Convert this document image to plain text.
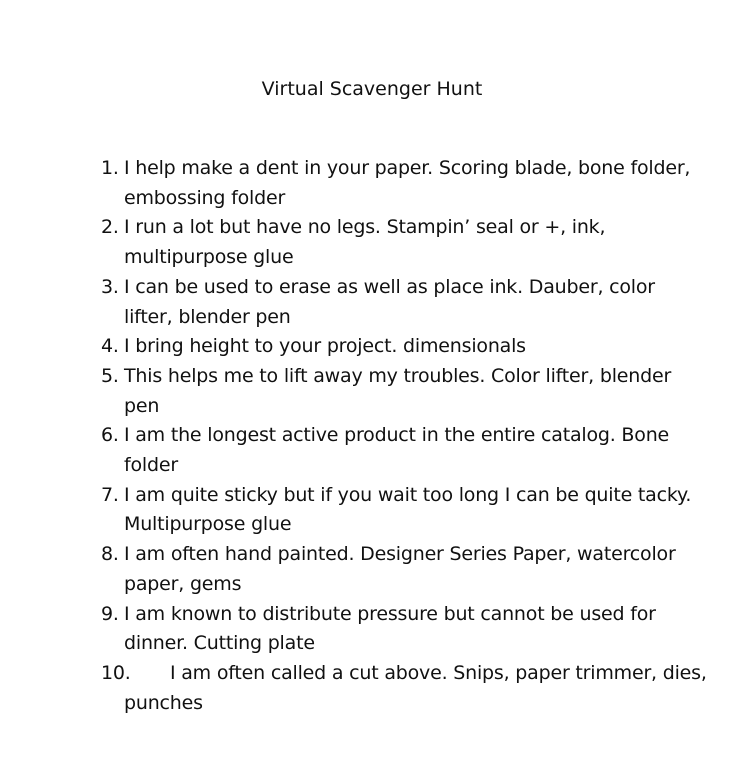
Virtual Scavenger Hunt
1. I help make a dent in your paper. Scoring blade, bone folder, embossing folder
2. I run a lot but have no legs. Stampin’ seal or +, ink, multipurpose glue
3. I can be used to erase as well as place ink. Dauber, color lifter, blender pen
4. I bring height to your project. dimensionals
5. This helps me to lift away my troubles. Color lifter, blender pen
6. I am the longest active product in the entire catalog. Bone folder
7. I am quite sticky but if you wait too long I can be quite tacky. Multipurpose glue
8. I am often hand painted. Designer Series Paper, watercolor paper, gems
9. I am known to distribute pressure but cannot be used for dinner. Cutting plate
10.	I am often called a cut above. Snips, paper trimmer, dies, punches
